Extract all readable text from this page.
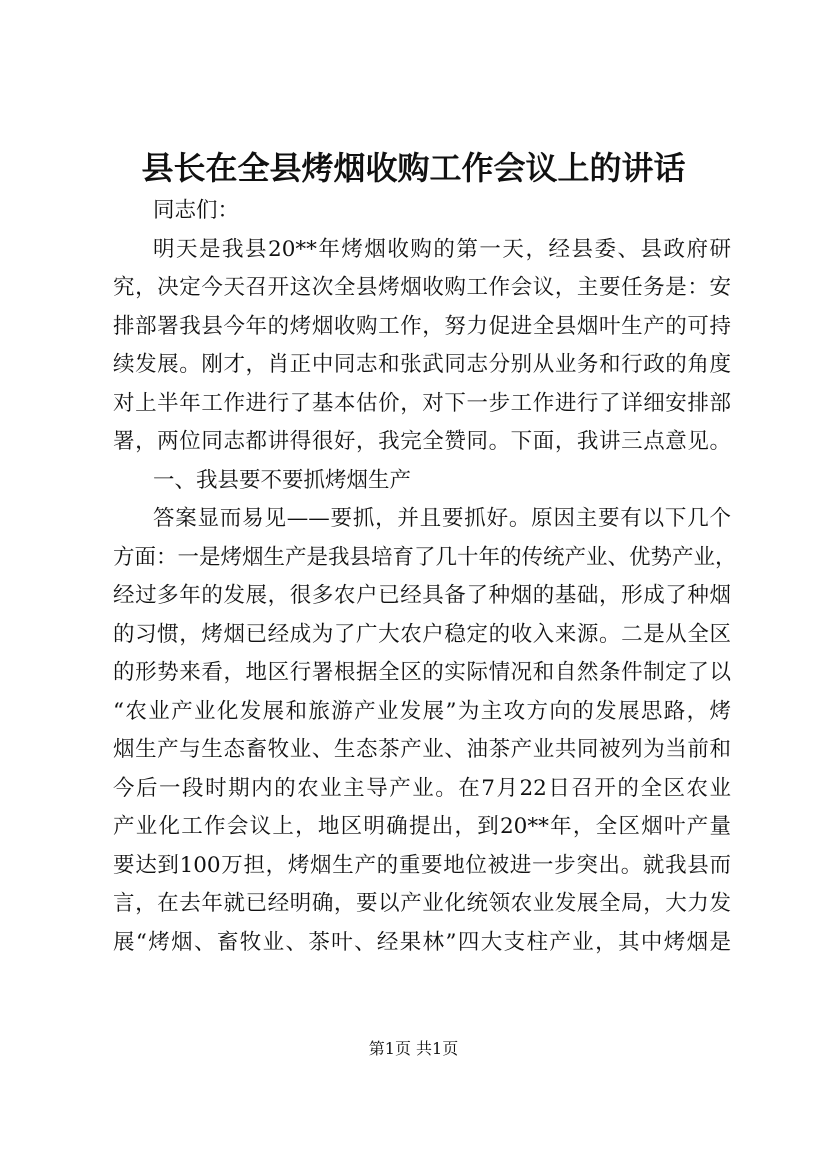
县长在全县烤烟收购工作会议上的讲话

同志们：

明天是我县20**年烤烟收购的第一天，经县委、县政府研

究，决定今天召开这次全县烤烟收购工作会议，主要任务是：安

排部署我县今年的烤烟收购工作，努力促进全县烟叶生产的可持

续发展。刚才，肖正中同志和张武同志分别从业务和行政的角度

对上半年工作进行了基本估价，对下一步工作进行了详细安排部

署，两位同志都讲得很好，我完全赞同。下面，我讲三点意见。

一、我县要不要抓烤烟生产

答案显而易见——要抓，并且要抓好。原因主要有以下几个

方面：一是烤烟生产是我县培育了几十年的传统产业、优势产业，

经过多年的发展，很多农户已经具备了种烟的基础，形成了种烟

的习惯，烤烟已经成为了广大农户稳定的收入来源。二是从全区

的形势来看，地区行署根据全区的实际情况和自然条件制定了以

“农业产业化发展和旅游产业发展”为主攻方向的发展思路，烤

烟生产与生态畜牧业、生态茶产业、油茶产业共同被列为当前和

今后一段时期内的农业主导产业。在7月22日召开的全区农业

产业化工作会议上，地区明确提出，到20**年，全区烟叶产量

要达到100万担，烤烟生产的重要地位被进一步突出。就我县而

言，在去年就已经明确，要以产业化统领农业发展全局，大力发

展“烤烟、畜牧业、茶叶、经果林”四大支柱产业，其中烤烟是

第1页 共1页
